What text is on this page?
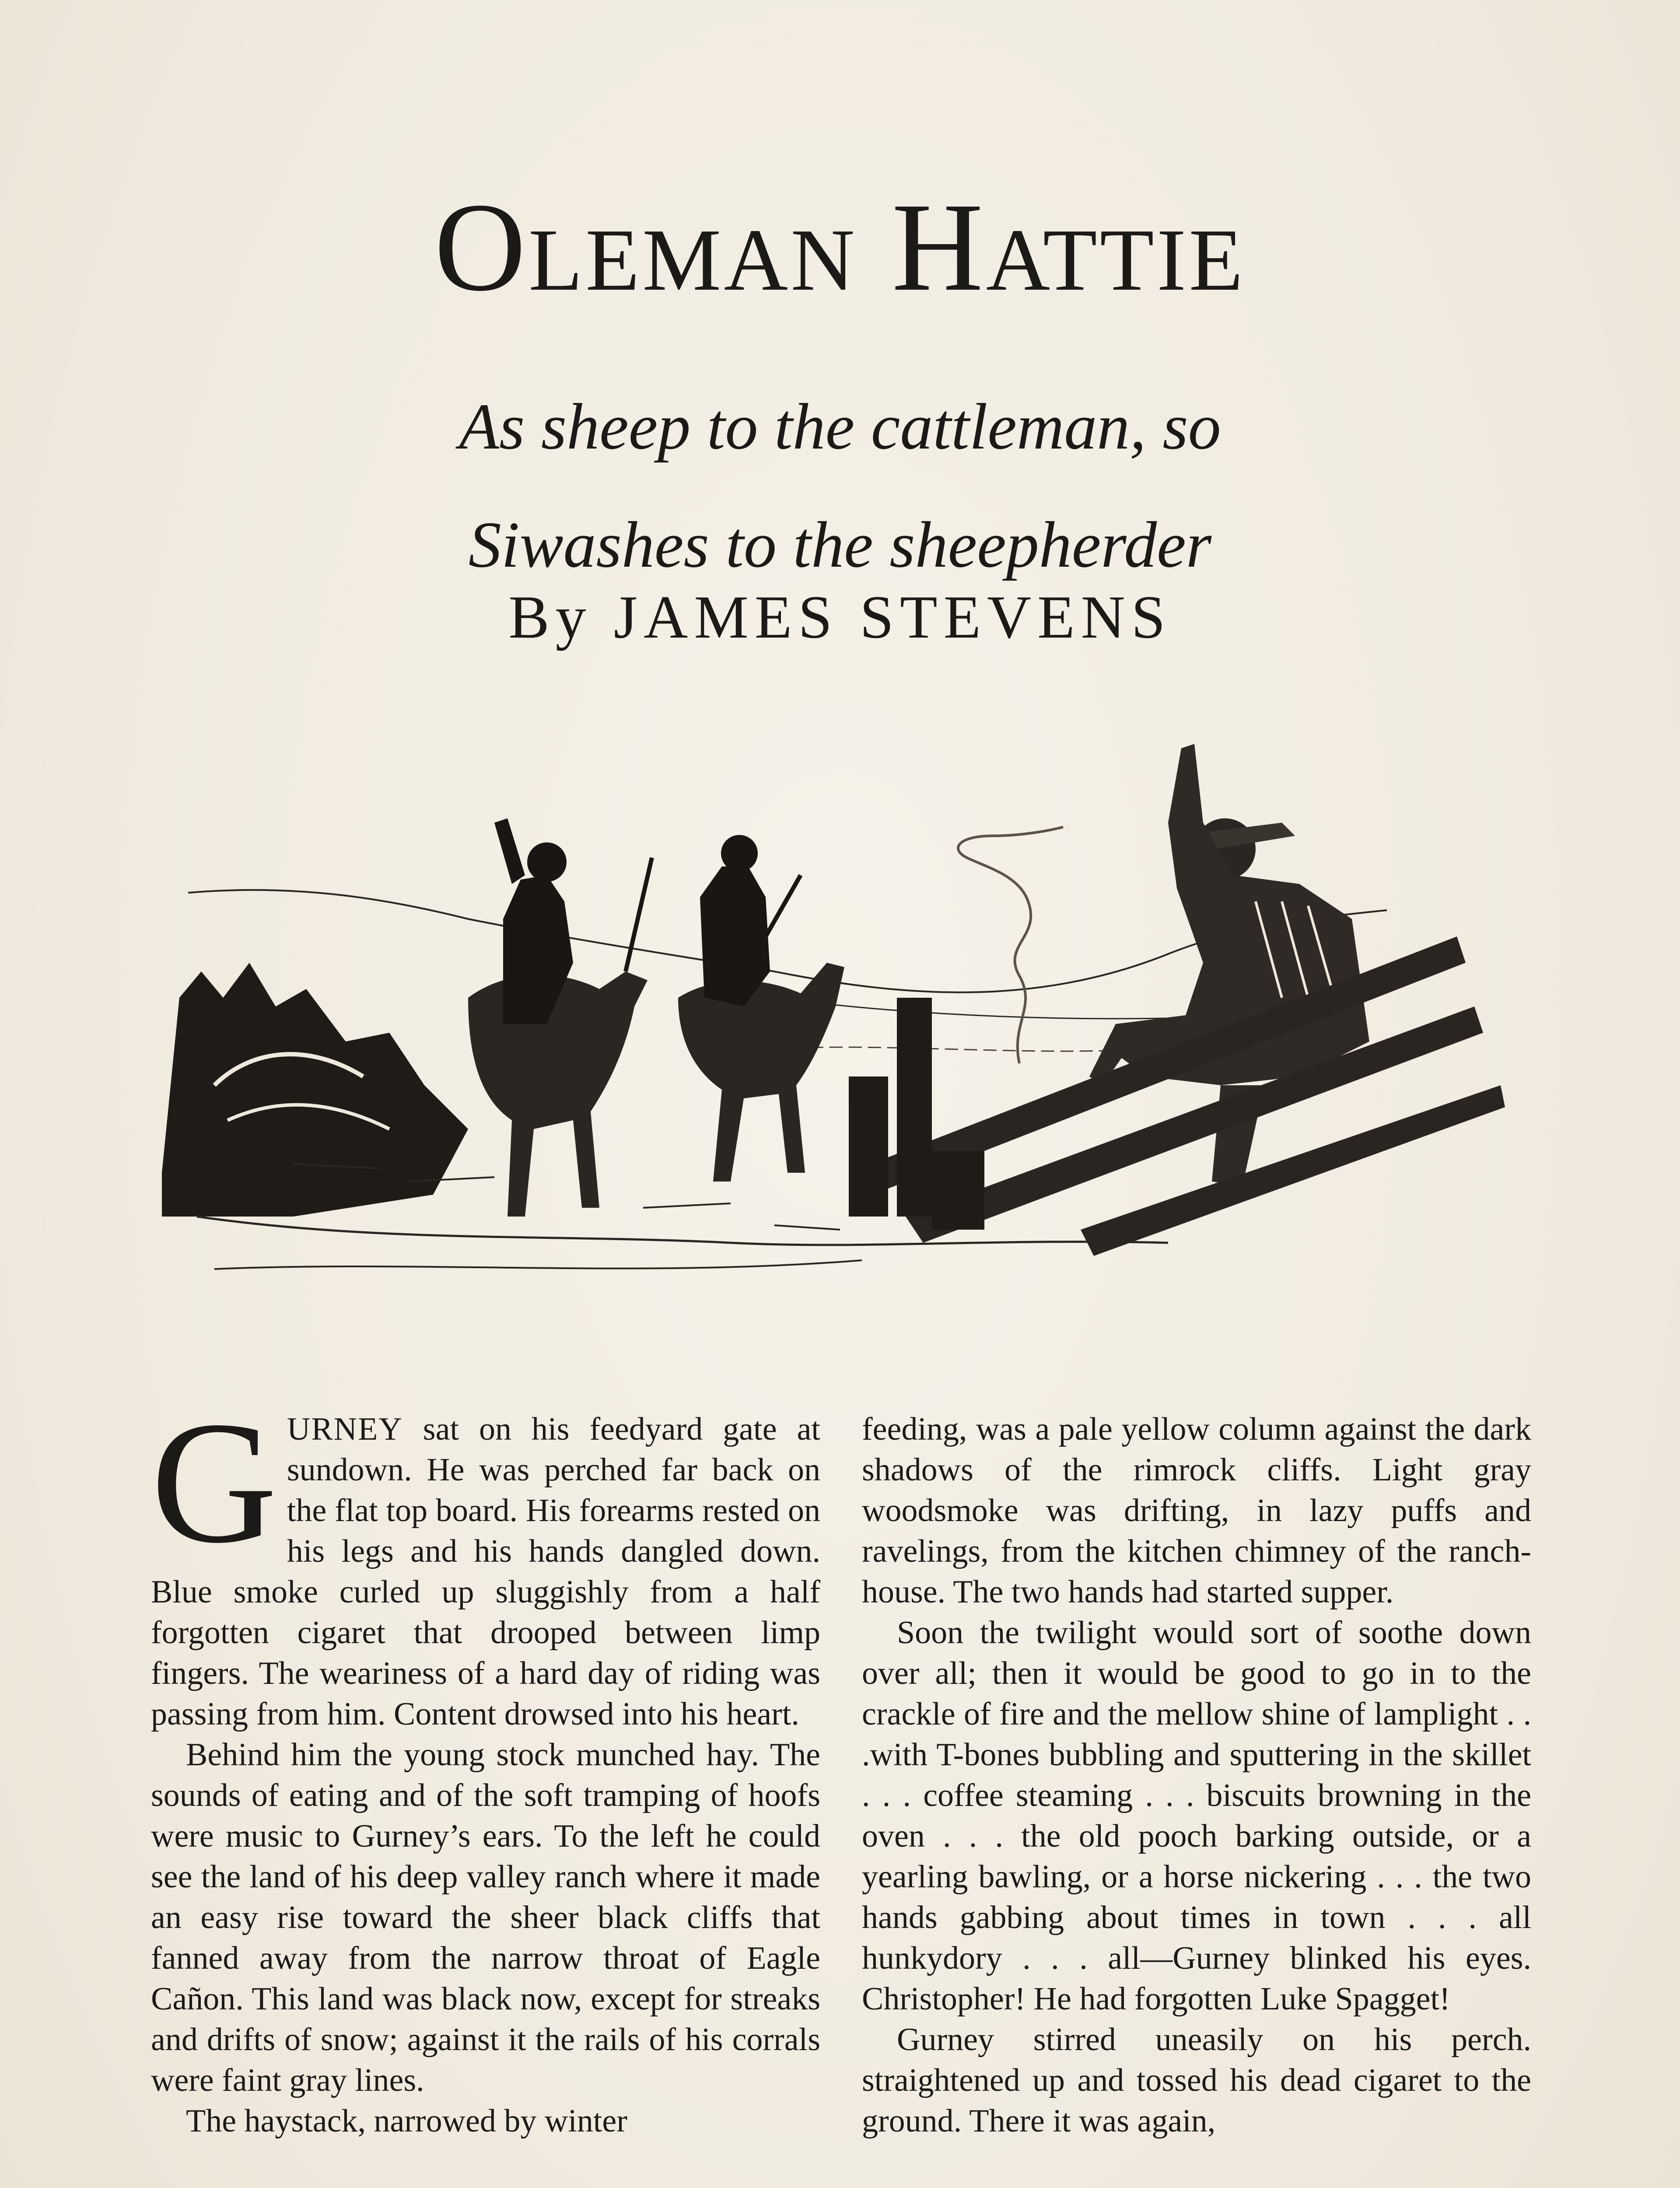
Oleman Hattie
As sheep to the cattleman, so
Siwashes to the sheepherder
By JAMES STEVENS

GURNEY sat on his feedyard gate at sundown. He was perched far back on the flat top board. His forearms rested on his legs and his hands dangled down. Blue smoke curled up sluggishly from a half forgotten cigaret that drooped between limp fingers. The weariness of a hard day of riding was passing from him. Content drowsed into his heart.

Behind him the young stock munched hay. The sounds of eating and of the soft tramping of hoofs were music to Gurney’s ears. To the left he could see the land of his deep valley ranch where it made an easy rise toward the sheer black cliffs that fanned away from the narrow throat of Eagle Cañon. This land was black now, except for streaks and drifts of snow; against it the rails of his corrals were faint gray lines.

The haystack, narrowed by winter

feeding, was a pale yellow column against the dark shadows of the rimrock cliffs. Light gray woodsmoke was drifting, in lazy puffs and ravelings, from the kitchen chimney of the ranch-house. The two hands had started supper.

Soon the twilight would sort of soothe down over all; then it would be good to go in to the crackle of fire and the mellow shine of lamplight . . .with T-bones bubbling and sputtering in the skillet . . . coffee steaming . . . biscuits browning in the oven . . . the old pooch barking outside, or a yearling bawling, or a horse nickering . . . the two hands gabbing about times in town . . . all hunkydory . . . all—Gurney blinked his eyes. Christopher! He had forgotten Luke Spagget!

Gurney stirred uneasily on his perch. straightened up and tossed his dead cigaret to the ground. There it was again,
